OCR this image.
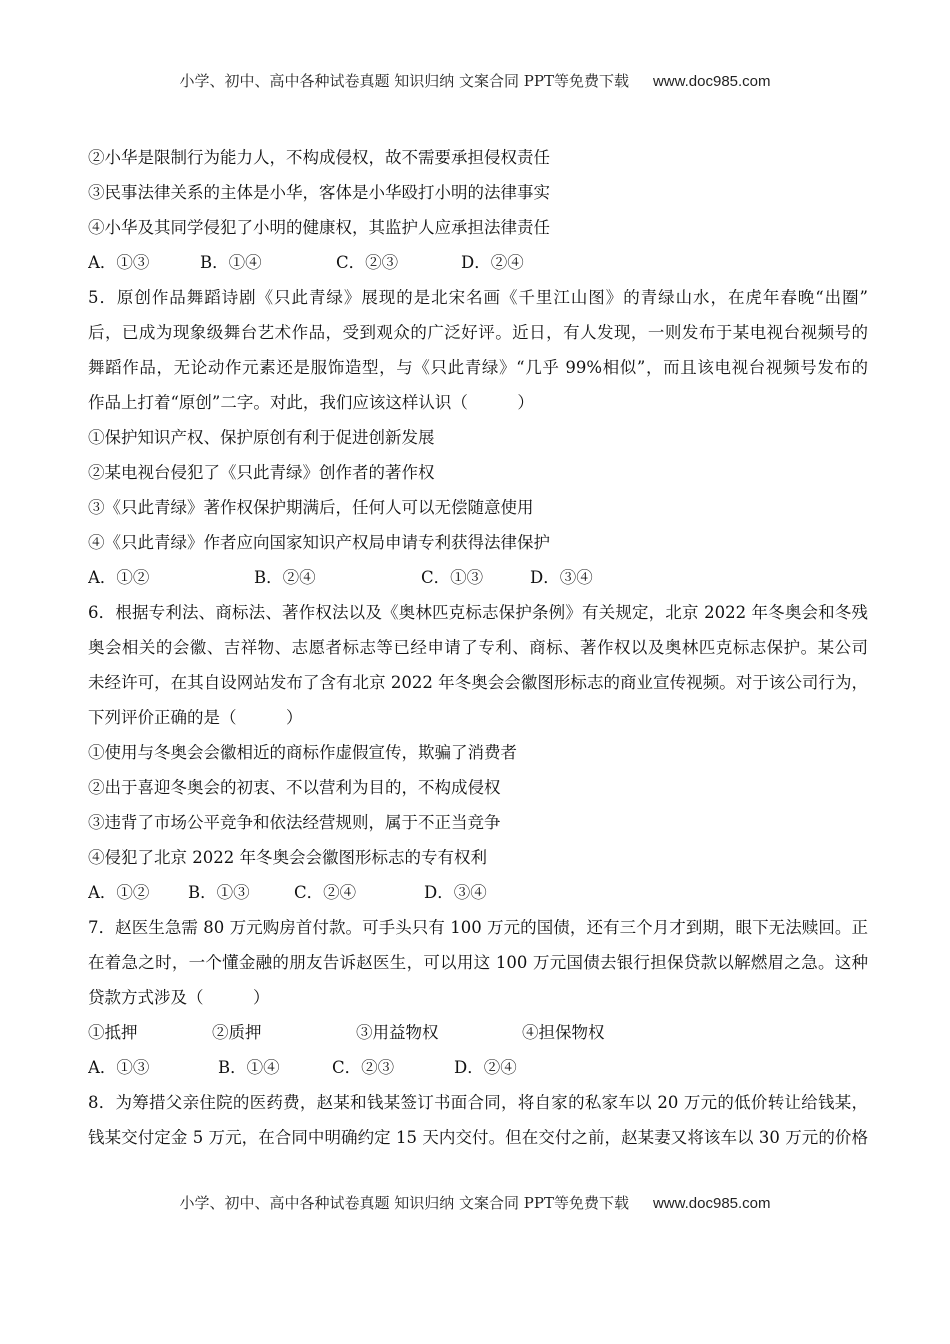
小学、初中、高中各种试卷真题 知识归纳 文案合同 PPT等免费下载 www.doc985.com
②小华是限制行为能力人，不构成侵权，故不需要承担侵权责任
③民事法律关系的主体是小华，客体是小华殴打小明的法律事实
④小华及其同学侵犯了小明的健康权，其监护人应承担法律责任
A．①③	B．①④	C．②③	D．②④
5．原创作品舞蹈诗剧《只此青绿》展现的是北宋名画《千里江山图》的青绿山水，在虎年春晚“出圈”
后，已成为现象级舞台艺术作品，受到观众的广泛好评。近日，有人发现，一则发布于某电视台视频号的
舞蹈作品，无论动作元素还是服饰造型，与《只此青绿》“几乎 99%相似”，而且该电视台视频号发布的
作品上打着“原创”二字。对此，我们应该这样认识（　　　）
①保护知识产权、保护原创有利于促进创新发展
②某电视台侵犯了《只此青绿》创作者的著作权
③《只此青绿》著作权保护期满后，任何人可以无偿随意使用
④《只此青绿》作者应向国家知识产权局申请专利获得法律保护
A．①②	B．②④	C．①③	D．③④
6．根据专利法、商标法、著作权法以及《奥林匹克标志保护条例》有关规定，北京 2022 年冬奥会和冬残
奥会相关的会徽、吉祥物、志愿者标志等已经申请了专利、商标、著作权以及奥林匹克标志保护。某公司
未经许可，在其自设网站发布了含有北京 2022 年冬奥会会徽图形标志的商业宣传视频。对于该公司行为，
下列评价正确的是（　　　）
①使用与冬奥会会徽相近的商标作虚假宣传，欺骗了消费者
②出于喜迎冬奥会的初衷、不以营利为目的，不构成侵权
③违背了市场公平竞争和依法经营规则，属于不正当竞争
④侵犯了北京 2022 年冬奥会会徽图形标志的专有权利
A．①② B．①③	C．②④	D．③④
7．赵医生急需 80 万元购房首付款。可手头只有 100 万元的国债，还有三个月才到期，眼下无法赎回。正
在着急之时，一个懂金融的朋友告诉赵医生，可以用这 100 万元国债去银行担保贷款以解燃眉之急。这种
贷款方式涉及（　　　）
①抵押	②质押	③用益物权	④担保物权
A．①③	B．①④	C．②③	D．②④
8．为筹措父亲住院的医药费，赵某和钱某签订书面合同，将自家的私家车以 20 万元的低价转让给钱某，
钱某交付定金 5 万元，在合同中明确约定 15 天内交付。但在交付之前，赵某妻又将该车以 30 万元的价格
小学、初中、高中各种试卷真题 知识归纳 文案合同 PPT等免费下载 www.doc985.com
